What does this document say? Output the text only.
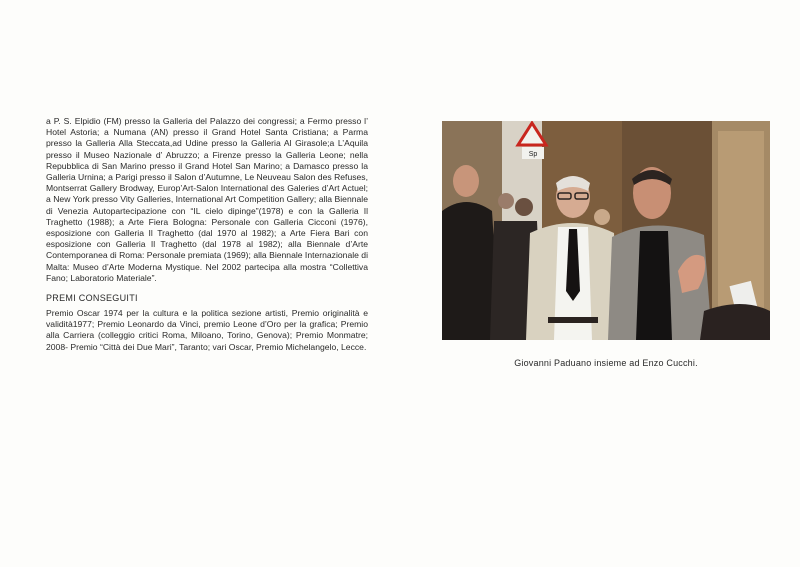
a P. S. Elpidio (FM) presso la Galleria del Palazzo dei congressi; a Fermo presso l’ Hotel Astoria; a Numana (AN) presso il Grand Hotel Santa Cristiana; a Parma presso la Galleria Alla Steccata,ad Udine presso la Galleria Al Girasole;a L’Aquila presso il Museo Nazionale d’ Abruzzo; a Firenze presso la Galleria Leone; nella Repubblica di San Marino presso il Grand Hotel San Marino; a Damasco presso la Galleria Urnina; a Parigi presso il Salon d’Autumne, Le Neuveau Salon des Refuses, Montserrat Gallery Brodway, Europ’Art-Salon International des Galeries d’Art Actuel; a New York presso Vity Galleries, International Art Competition Gallery; alla Biennale di Venezia Autopartecipazione con “IL cielo dipinge”(1978) e con la Galleria Il Traghetto (1988); a Arte Fiera Bologna: Personale con Galleria Cicconi (1976), esposizione con Galleria Il Traghetto (dal 1970 al 1982); a Arte Fiera Bari con esposizione con Galleria Il Traghetto (dal 1978 al 1982); alla Biennale d’Arte Contemporanea di Roma: Personale premiata (1969); alla Biennale Internazionale di Malta: Museo d’Arte Moderna Mystique. Nel 2002 partecipa alla mostra “Collettiva Fano; Laboratorio Materiale”.

PREMI CONSEGUITI

Premio Oscar 1974 per la cultura e la politica sezione artisti, Premio originalità e validità1977; Premio Leonardo da Vinci, premio Leone d’Oro per la grafica; Premio alla Carriera (colleggio critici Roma, Miloano, Torino, Genova); Premio Monmatre; 2008- Premio “Città dei Due Mari”, Taranto; vari Oscar, Premio Michelangelo, Lecce.

Sp
Giovanni Paduano insieme ad Enzo Cucchi.
